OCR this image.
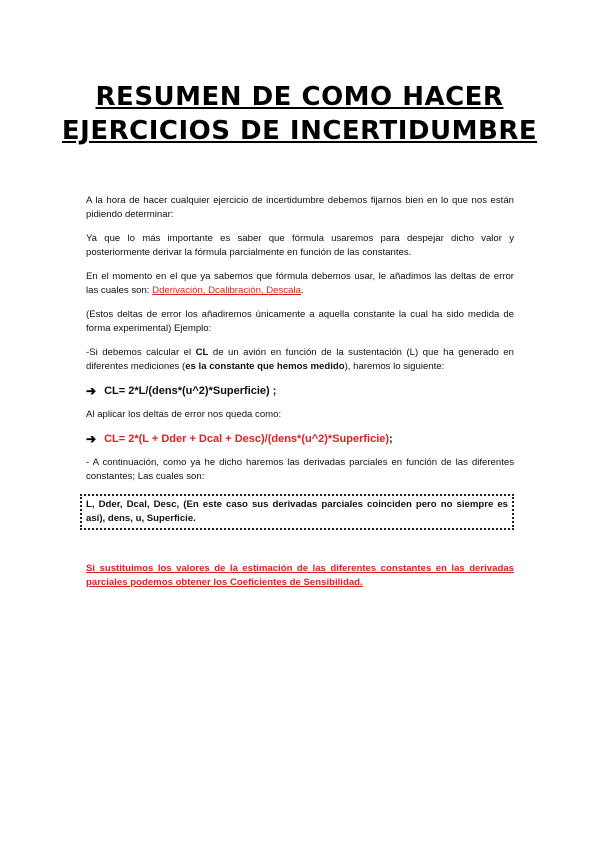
RESUMEN DE COMO HACER
EJERCICIOS DE INCERTIDUMBRE

A la hora de hacer cualquier ejercicio de incertidumbre debemos fijarnos bien en lo que nos están pidiendo determinar:

Ya que lo más importante es saber que fórmula usaremos para despejar dicho valor y posteriormente derivar la fórmula parcialmente en función de las constantes.

En el momento en el que ya sabemos que fórmula debemos usar, le añadimos las deltas de error las cuales son: Dderivación, Dcalibración, Descala.

(Estos deltas de error los añadiremos únicamente a aquella constante la cual ha sido medida de forma experimental) Ejemplo:

-Si debemos calcular el CL de un avión en función de la sustentación (L) que ha generado en diferentes mediciones (es la constante que hemos medido), haremos lo siguiente:

➔ CL= 2*L/(dens*(u^2)*Superficie) ;

Al aplicar los deltas de error nos queda como:

➔ CL= 2*(L + Dder + Dcal + Desc)/(dens*(u^2)*Superficie) ;

- A continuación, como ya he dicho haremos las derivadas parciales en función de las diferentes constantes; Las cuales son:

L, Dder, Dcal, Desc, (En este caso sus derivadas parciales coinciden pero no siempre es así), dens, u, Superficie.

Si sustituimos los valores de la estimación de las diferentes constantes en las derivadas parciales podemos obtener los Coeficientes de Sensibilidad.
